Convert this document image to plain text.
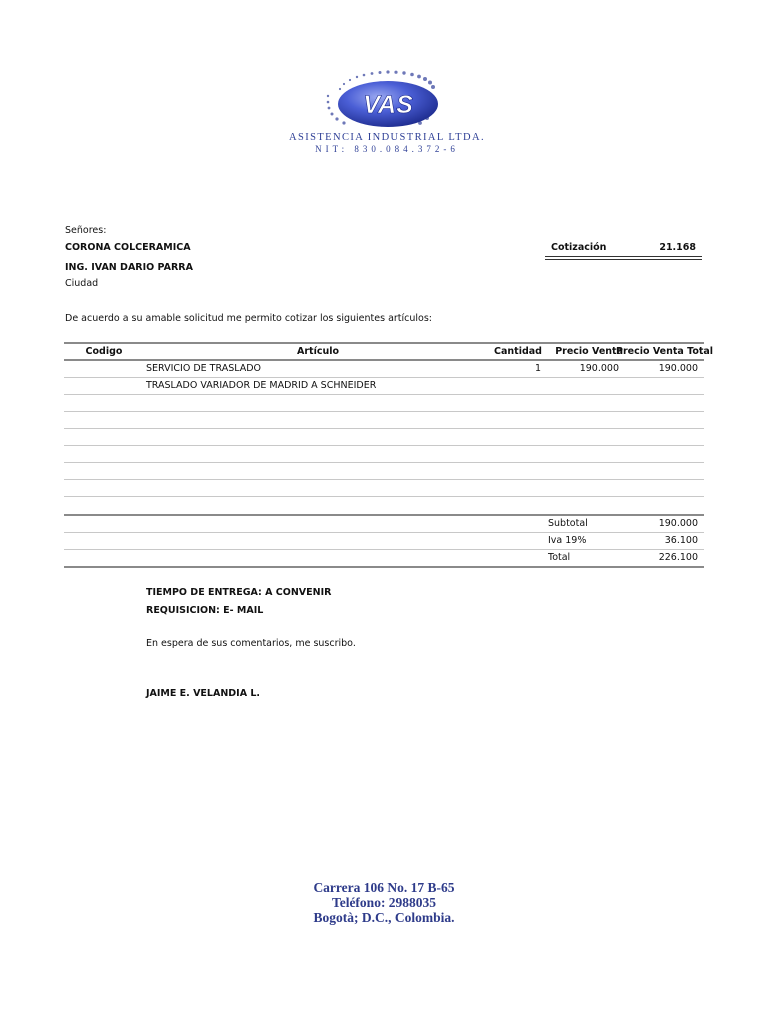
VAS
ASISTENCIA INDUSTRIAL LTDA.
NIT: 830.084.372-6
Señores:
CORONA COLCERAMICA
ING. IVAN DARIO PARRA
Ciudad
Cotización	21.168
De acuerdo a su amable solicitud me permito cotizar los siguientes artículos:
Codigo	Artículo	Cantidad	Precio Venta	Precio Venta Total
	SERVICIO DE TRASLADO	1	190.000	190.000
	TRASLADO VARIADOR DE MADRID A SCHNEIDER			

			Subtotal	190.000
			Iva 19%	36.100
			Total	226.100
TIEMPO DE ENTREGA: A CONVENIR
REQUISICION: E- MAIL
En espera de sus comentarios, me suscribo.
JAIME E. VELANDIA L.
Carrera 106 No. 17 B-65
Teléfono: 2988035
Bogotà; D.C., Colombia.
